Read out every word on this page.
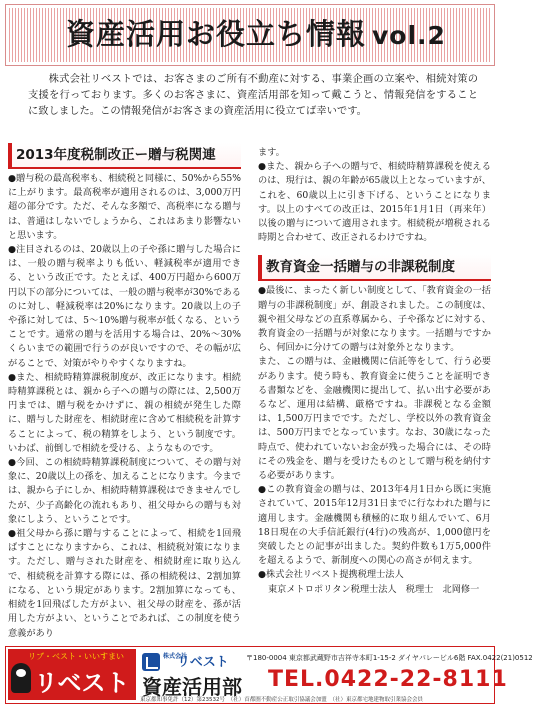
資産活用お役立ち情報 vol.2

株式会社リベストでは、お客さまのご所有不動産に対する、事業企画の立案や、相続対策の支援を行っております。多くのお客さまに、資産活用部を知って戴こうと、情報発信をすることに致しました。この情報発信がお客さまの資産活用に役立てば幸いです。

2013年度税制改正ー贈与税関連

●贈与税の最高税率も、相続税と同様に、50%から55%に上がります。最高税率が適用されるのは、3,000万円超の部分です。ただ、そんな多額で、高税率になる贈与は、普通はしないでしょうから、これはあまり影響ないと思います。

●注目されるのは、20歳以上の子や孫に贈与した場合には、一般の贈与税率よりも低い、軽減税率が適用できる、という改正です。たとえば、400万円超から600万円以下の部分については、一般の贈与税率が30%であるのに対し、軽減税率は20%になります。20歳以上の子や孫に対しては、5～10%贈与税率が低くなる、ということです。通常の贈与を活用する場合は、20%～30%くらいまでの範囲で行うのが良いですので、その幅が広がることで、対策がやりやすくなりますね。

●また、相続時精算課税制度が、改正になります。相続時精算課税とは、親から子への贈与の際には、2,500万円までは、贈与税をかけずに、親の相続が発生した際に、贈与した財産を、相続財産に含めて相続税を計算することによって、税の精算をしよう、という制度です。いわば、前倒しで相続を受ける、ようなものです。

●今回、この相続時精算課税制度について、その贈与対象に、20歳以上の孫を、加えることになります。今までは、親から子にしか、相続時精算課税はできませんでしたが、少子高齢化の流れもあり、祖父母からの贈与も対象にしよう、ということです。

●祖父母から孫に贈与することによって、相続を1回飛ばすことになりますから、これは、相続税対策になります。ただし、贈与された財産を、相続財産に取り込んで、相続税を計算する際には、孫の相続税は、2割加算になる、という規定があります。2割加算になっても、相続を1回飛ばした方がよい、祖父母の財産を、孫が活用した方がよい、ということであれば、この制度を使う意義があり

ます。

●また、親から子への贈与で、相続時精算課税を使えるのは、現行は、親の年齢が65歳以上となっていますが、これを、60歳以上に引き下げる、ということになります。以上のすべての改正は、2015年1月1日（再来年）以後の贈与について適用されます。相続税が増税される時期と合わせて、改正されるわけですね。

教育資金一括贈与の非課税制度

●最後に、まったく新しい制度として、「教育資金の一括贈与の非課税制度」が、創設されました。この制度は、親や祖父母などの直系尊属から、子や孫などに対する、教育資金の一括贈与が対象になります。一括贈与ですから、何回かに分けての贈与は対象外となります。

また、この贈与は、金融機関に信託等をして、行う必要があります。使う時も、教育資金に使うことを証明できる書類などを、金融機関に提出して、払い出す必要があるなど、運用は結構、厳格ですね。非課税となる金額は、1,500万円までです。ただし、学校以外の教育資金は、500万円までとなっています。なお、30歳になった時点で、使われていないお金が残った場合には、その時にその残金を、贈与を受けたものとして贈与税を納付する必要があります。

●この教育資金の贈与は、2013年4月1日から既に実施されていて、2015年12月31日までに行なわれた贈与に適用します。金融機関も積極的に取り組んでいて、6月18日現在の大手信託銀行(4行)の残高が、1,000億円を突破したとの記事が出ました。契約件数も1万5,000件を超えるようで、新制度への関心の高さが伺えます。

●株式会社リベスト提携税理士法人

東京メトロポリタン税理士法人　税理士　北岡修一

リブ・ベスト・いいすまい
リベスト
株式会社
リベスト
資産活用部
〒180-0004 東京都武蔵野市吉祥寺本町1-15-2 ダイヤパレービル6階 FAX.0422(21)0512
TEL.0422-22-8111
東京都知事免許（12）第23532号　（社）首都圏不動産公正取引協議会加盟　（社）東京都宅地建物取引業協会会員
